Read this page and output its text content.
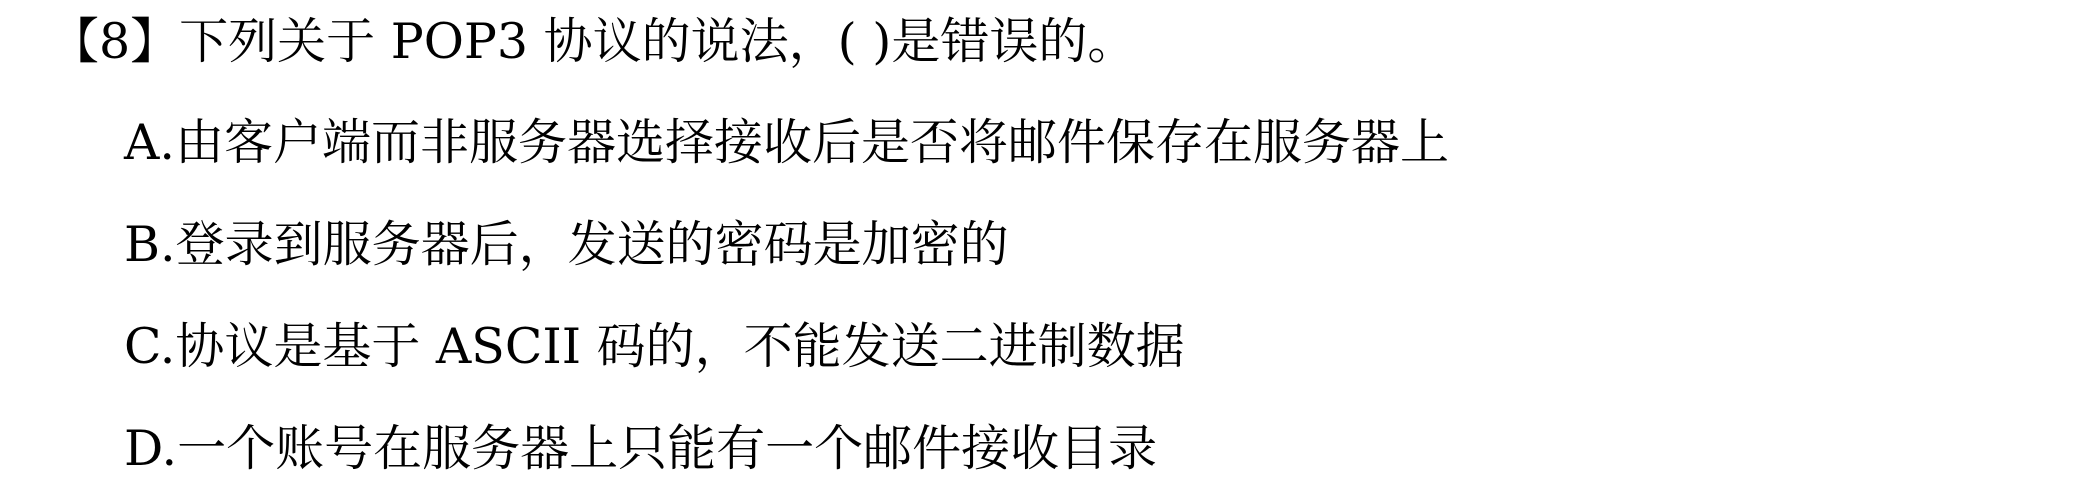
【8】下列关于 POP3 协议的说法，( )是错误的。
A.由客户端而非服务器选择接收后是否将邮件保存在服务器上
B.登录到服务器后，发送的密码是加密的
C.协议是基于 ASCII 码的，不能发送二进制数据
D.一个账号在服务器上只能有一个邮件接收目录
